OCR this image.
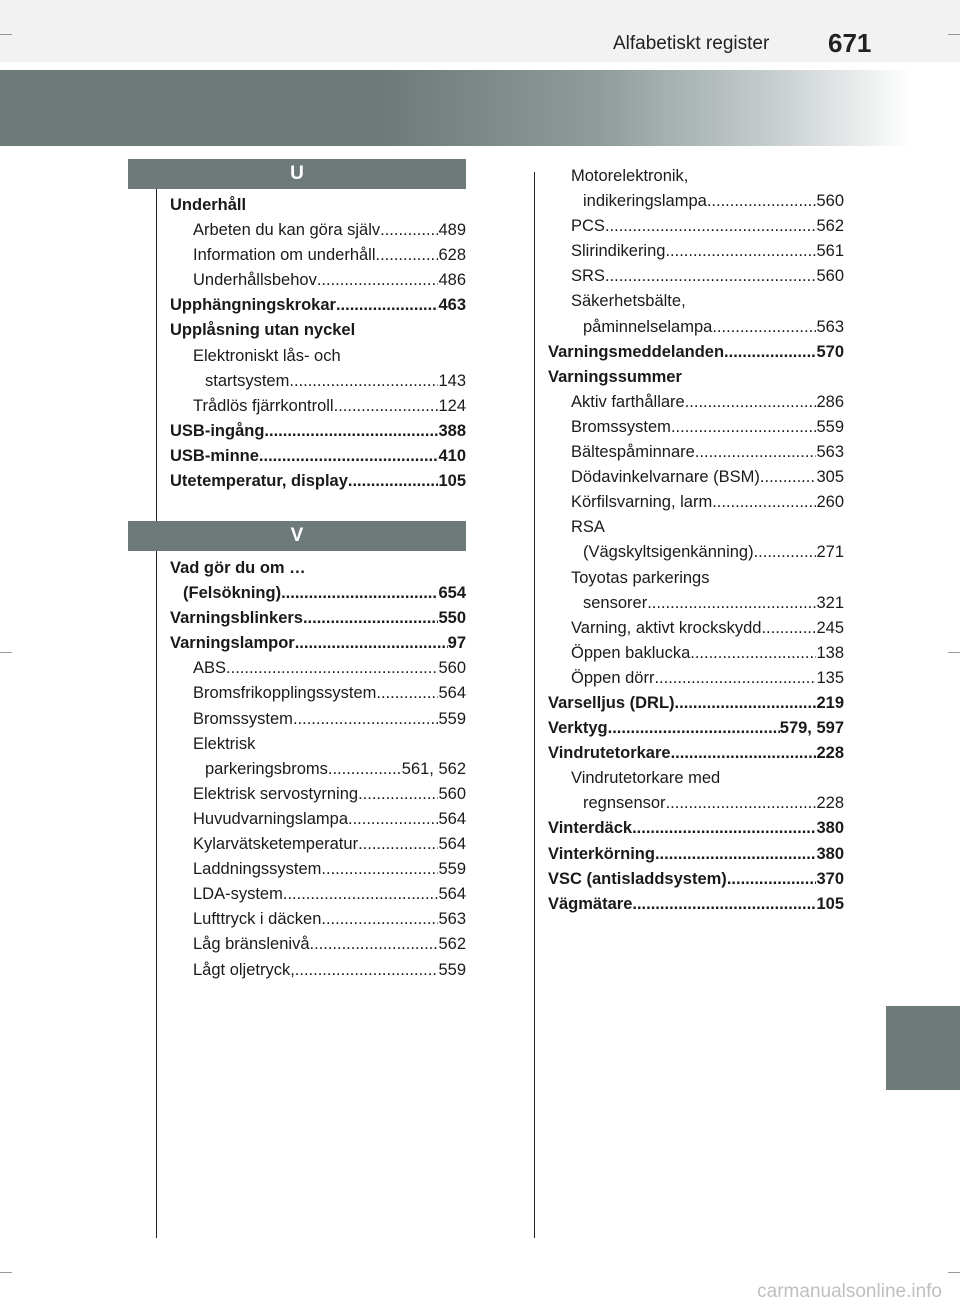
Alfabetiskt register 671
U
Underhåll
Arbeten du kan göra själv .....	489
Information om underhåll .....	628
Underhållsbehov .....	486
Upphängningskrokar .....	463
Upplåsning utan nyckel
Elektroniskt lås- och
startsystem .....	143
Trådlös fjärrkontroll .....	124
USB-ingång .....	388
USB-minne .....	410
Utetemperatur, display .....	105
V
Vad gör du om …
(Felsökning) .....	654
Varningsblinkers .....	550
Varningslampor .....	97
ABS .....	560
Bromsfrikopplingssystem .....	564
Bromssystem .....	559
Elektrisk
parkeringsbroms .....	561, 562
Elektrisk servostyrning .....	560
Huvudvarningslampa .....	564
Kylarvätsketemperatur .....	564
Laddningssystem .....	559
LDA-system .....	564
Lufttryck i däcken .....	563
Låg bränslenivå .....	562
Lågt oljetryck, .....	559
Motorelektronik,
indikeringslampa .....	560
PCS .....	562
Slirindikering .....	561
SRS .....	560
Säkerhetsbälte,
påminnelselampa .....	563
Varningsmeddelanden .....	570
Varningssummer
Aktiv farthållare .....	286
Bromssystem .....	559
Bältespåminnare .....	563
Dödavinkelvarnare (BSM) .....	305
Körfilsvarning, larm .....	260
RSA
(Vägskyltsigenkänning) .....	271
Toyotas parkerings
sensorer .....	321
Varning, aktivt krockskydd .....	245
Öppen baklucka .....	138
Öppen dörr .....	135
Varselljus (DRL) .....	219
Verktyg .....	579, 597
Vindrutetorkare .....	228
Vindrutetorkare med
regnsensor .....	228
Vinterdäck .....	380
Vinterkörning .....	380
VSC (antisladdsystem) .....	370
Vägmätare .....	105
carmanualsonline.info
